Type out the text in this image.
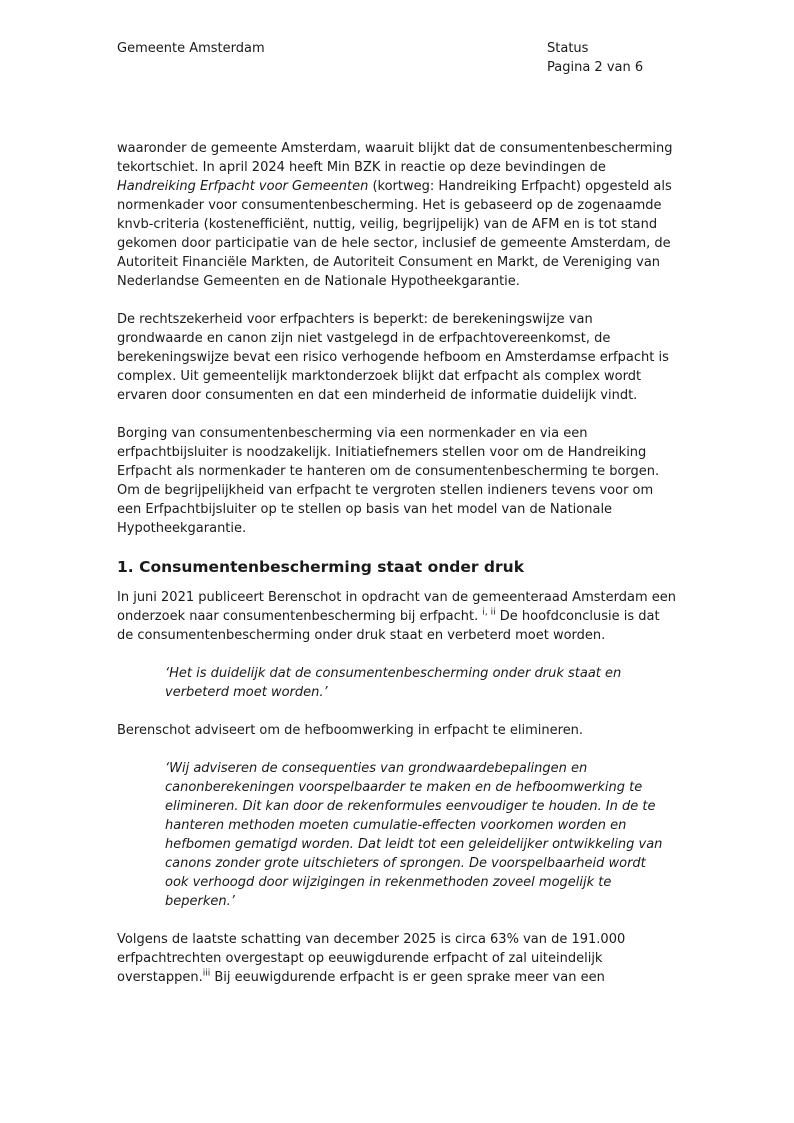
Gemeente Amsterdam	Status
Pagina 2 van 6

waaronder de gemeente Amsterdam, waaruit blijkt dat de consumentenbescherming tekortschiet. In april 2024 heeft Min BZK in reactie op deze bevindingen de Handreiking Erfpacht voor Gemeenten (kortweg: Handreiking Erfpacht) opgesteld als normenkader voor consumentenbescherming. Het is gebaseerd op de zogenaamde knvb-criteria (kostenefficiënt, nuttig, veilig, begrijpelijk) van de AFM en is tot stand gekomen door participatie van de hele sector, inclusief de gemeente Amsterdam, de Autoriteit Financiële Markten, de Autoriteit Consument en Markt, de Vereniging van Nederlandse Gemeenten en de Nationale Hypotheekgarantie.

De rechtszekerheid voor erfpachters is beperkt: de berekeningswijze van grondwaarde en canon zijn niet vastgelegd in de erfpachtovereenkomst, de berekeningswijze bevat een risico verhogende hefboom en Amsterdamse erfpacht is complex. Uit gemeentelijk marktonderzoek blijkt dat erfpacht als complex wordt ervaren door consumenten en dat een minderheid de informatie duidelijk vindt.

Borging van consumentenbescherming via een normenkader en via een erfpachtbijsluiter is noodzakelijk. Initiatiefnemers stellen voor om de Handreiking Erfpacht als normenkader te hanteren om de consumentenbescherming te borgen. Om de begrijpelijkheid van erfpacht te vergroten stellen indieners tevens voor om een Erfpachtbijsluiter op te stellen op basis van het model van de Nationale Hypotheekgarantie.

1. Consumentenbescherming staat onder druk

In juni 2021 publiceert Berenschot in opdracht van de gemeenteraad Amsterdam een onderzoek naar consumentenbescherming bij erfpacht. $^{i, ii}$ De hoofdconclusie is dat de consumentenbescherming onder druk staat en verbeterd moet worden.

‘Het is duidelijk dat de consumentenbescherming onder druk staat en verbeterd moet worden.’

Berenschot adviseert om de hefboomwerking in erfpacht te elimineren.

‘Wij adviseren de consequenties van grondwaardebepalingen en canonberekeningen voorspelbaarder te maken en de hefboomwerking te elimineren. Dit kan door de rekenformules eenvoudiger te houden. In de te hanteren methoden moeten cumulatie-effecten voorkomen worden en hefbomen gematigd worden. Dat leidt tot een geleidelijker ontwikkeling van canons zonder grote uitschieters of sprongen. De voorspelbaarheid wordt ook verhoogd door wijzigingen in rekenmethoden zoveel mogelijk te beperken.’

Volgens de laatste schatting van december 2025 is circa 63% van de 191.000 erfpachtrechten overgestapt op eeuwigdurende erfpacht of zal uiteindelijk overstappen.$^{iii}$ Bij eeuwigdurende erfpacht is er geen sprake meer van een
